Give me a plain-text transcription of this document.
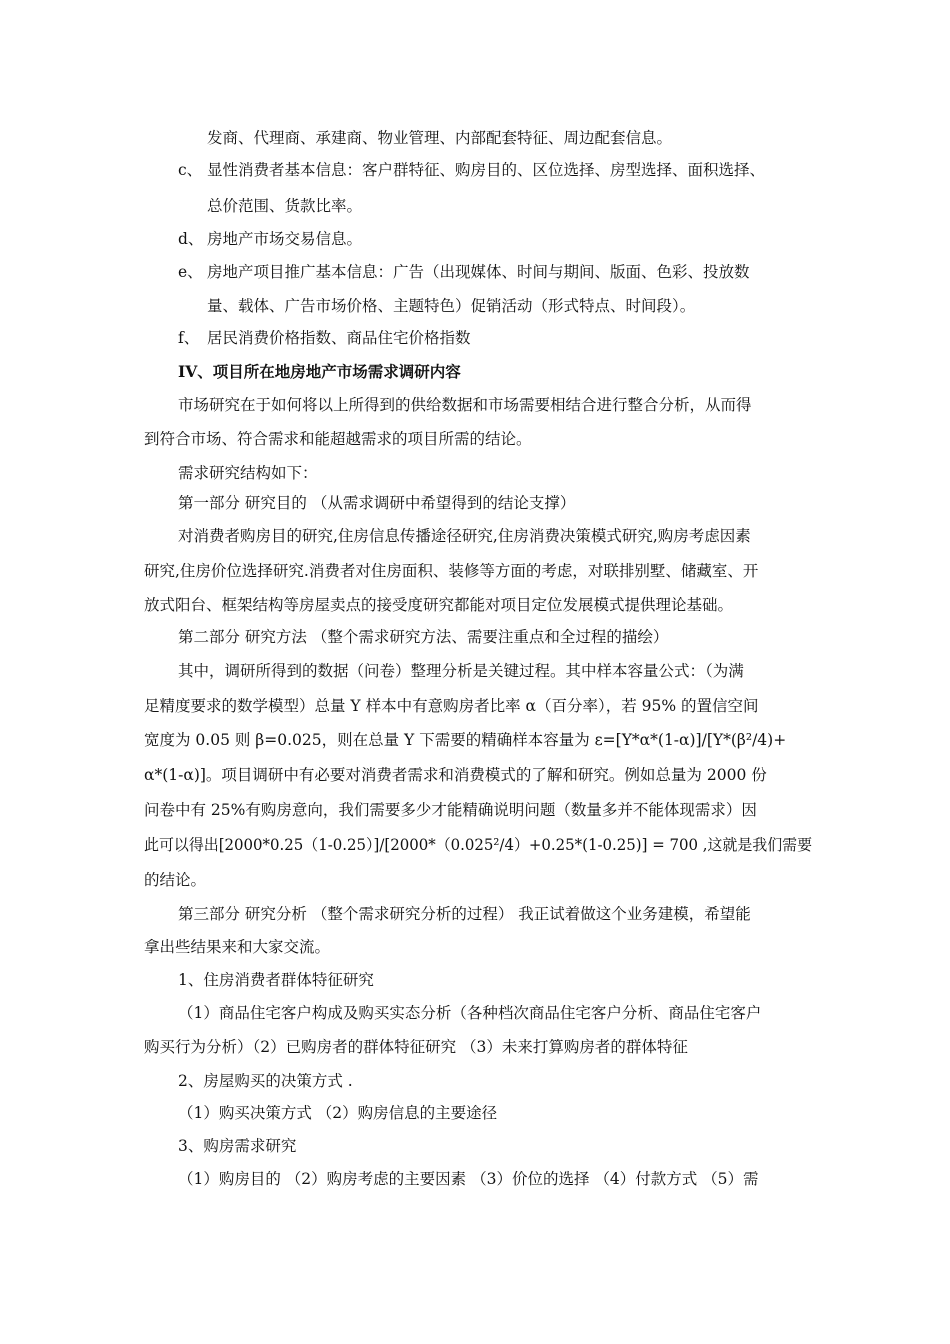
发商、代理商、承建商、物业管理、内部配套特征、周边配套信息。
c、 显性消费者基本信息：客户群特征、购房目的、区位选择、房型选择、面积选择、
总价范围、货款比率。
d、 房地产市场交易信息。
e、 房地产项目推广基本信息：广告（出现媒体、时间与期间、版面、色彩、投放数
量、载体、广告市场价格、主题特色）促销活动（形式特点、时间段）。
f、 居民消费价格指数、商品住宅价格指数
IV、项目所在地房地产市场需求调研内容
市场研究在于如何将以上所得到的供给数据和市场需要相结合进行整合分析，从而得
到符合市场、符合需求和能超越需求的项目所需的结论。
需求研究结构如下：
第一部分 研究目的 （从需求调研中希望得到的结论支撑）
对消费者购房目的研究,住房信息传播途径研究,住房消费决策模式研究,购房考虑因素
研究,住房价位选择研究.消费者对住房面积、装修等方面的考虑，对联排别墅、储藏室、开
放式阳台、框架结构等房屋卖点的接受度研究都能对项目定位发展模式提供理论基础。
第二部分 研究方法 （整个需求研究方法、需要注重点和全过程的描绘）
其中，调研所得到的数据（问卷）整理分析是关键过程。其中样本容量公式：（为满
足精度要求的数学模型）总量 Y 样本中有意购房者比率 α（百分率），若 95% 的置信空间
宽度为 0.05 则 β=0.025，则在总量 Y 下需要的精确样本容量为 ε=[Y*α*(1-α)]/[Y*(β²/4)+
α*(1-α)]。项目调研中有必要对消费者需求和消费模式的了解和研究。例如总量为 2000 份
问卷中有 25%有购房意向，我们需要多少才能精确说明问题（数量多并不能体现需求）因
此可以得出[2000*0.25（1-0.25）]/[2000*（0.025²/4）+0.25*(1-0.25)] = 700 ,这就是我们需要
的结论。
第三部分 研究分析 （整个需求研究分析的过程） 我正试着做这个业务建模，希望能
拿出些结果来和大家交流。
1、住房消费者群体特征研究
（1）商品住宅客户构成及购买实态分析（各种档次商品住宅客户分析、商品住宅客户
购买行为分析）（2）已购房者的群体特征研究 （3）未来打算购房者的群体特征
2、房屋购买的决策方式 .
（1）购买决策方式 （2）购房信息的主要途径
3、购房需求研究
（1）购房目的 （2）购房考虑的主要因素 （3）价位的选择 （4）付款方式 （5）需
